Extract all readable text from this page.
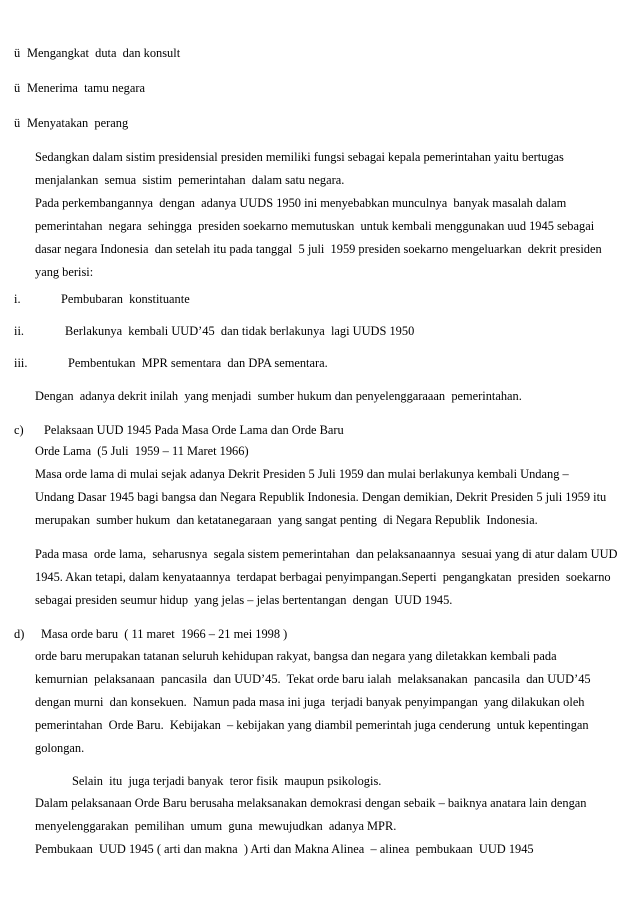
ü Mengangkat  duta  dan konsult
ü Menerima  tamu negara
ü Menyatakan  perang
Sedangkan dalam sistim presidensial presiden memiliki fungsi sebagai kepala pemerintahan yaitu bertugas
menjalankan  semua  sistim  pemerintahan  dalam satu negara.
Pada perkembangannya  dengan  adanya UUDS 1950 ini menyebabkan munculnya  banyak masalah dalam
pemerintahan  negara  sehingga  presiden soekarno memutuskan  untuk kembali menggunakan uud 1945 sebagai
dasar negara Indonesia  dan setelah itu pada tanggal  5 juli  1959 presiden soekarno mengeluarkan  dekrit presiden
yang berisi:
i.	Pembubaran  konstituante
ii.	Berlakunya  kembali UUD’45  dan tidak berlakunya  lagi UUDS 1950
iii.	Pembentukan  MPR sementara  dan DPA sementara.
Dengan  adanya dekrit inilah  yang menjadi  sumber hukum dan penyelenggaraaan  pemerintahan.
c) Pelaksaan UUD 1945 Pada Masa Orde Lama dan Orde Baru
Orde Lama  (5 Juli  1959 – 11 Maret 1966)
Masa orde lama di mulai sejak adanya Dekrit Presiden 5 Juli 1959 dan mulai berlakunya kembali Undang –
Undang Dasar 1945 bagi bangsa dan Negara Republik Indonesia. Dengan demikian, Dekrit Presiden 5 juli 1959 itu
merupakan  sumber hukum  dan ketatanegaraan  yang sangat penting  di Negara Republik  Indonesia.
Pada masa  orde lama,  seharusnya  segala sistem pemerintahan  dan pelaksanaannya  sesuai yang di atur dalam UUD
1945. Akan tetapi, dalam kenyataannya  terdapat berbagai penyimpangan.Seperti  pengangkatan  presiden  soekarno
sebagai presiden seumur hidup  yang jelas – jelas bertentangan  dengan  UUD 1945.
d) Masa orde baru  ( 11 maret  1966 – 21 mei 1998 )
orde baru merupakan tatanan seluruh kehidupan rakyat, bangsa dan negara yang diletakkan kembali pada
kemurnian  pelaksanaan  pancasila  dan UUD’45.  Tekat orde baru ialah  melaksanakan  pancasila  dan UUD’45
dengan murni  dan konsekuen.  Namun pada masa ini juga  terjadi banyak penyimpangan  yang dilakukan oleh
pemerintahan  Orde Baru.  Kebijakan  – kebijakan yang diambil pemerintah juga cenderung  untuk kepentingan
golongan.
Selain  itu  juga terjadi banyak  teror fisik  maupun psikologis.
Dalam pelaksanaan Orde Baru berusaha melaksanakan demokrasi dengan sebaik – baiknya anatara lain dengan
menyelenggarakan  pemilihan  umum  guna  mewujudkan  adanya MPR.
Pembukaan  UUD 1945 ( arti dan makna  ) Arti dan Makna Alinea  – alinea  pembukaan  UUD 1945
